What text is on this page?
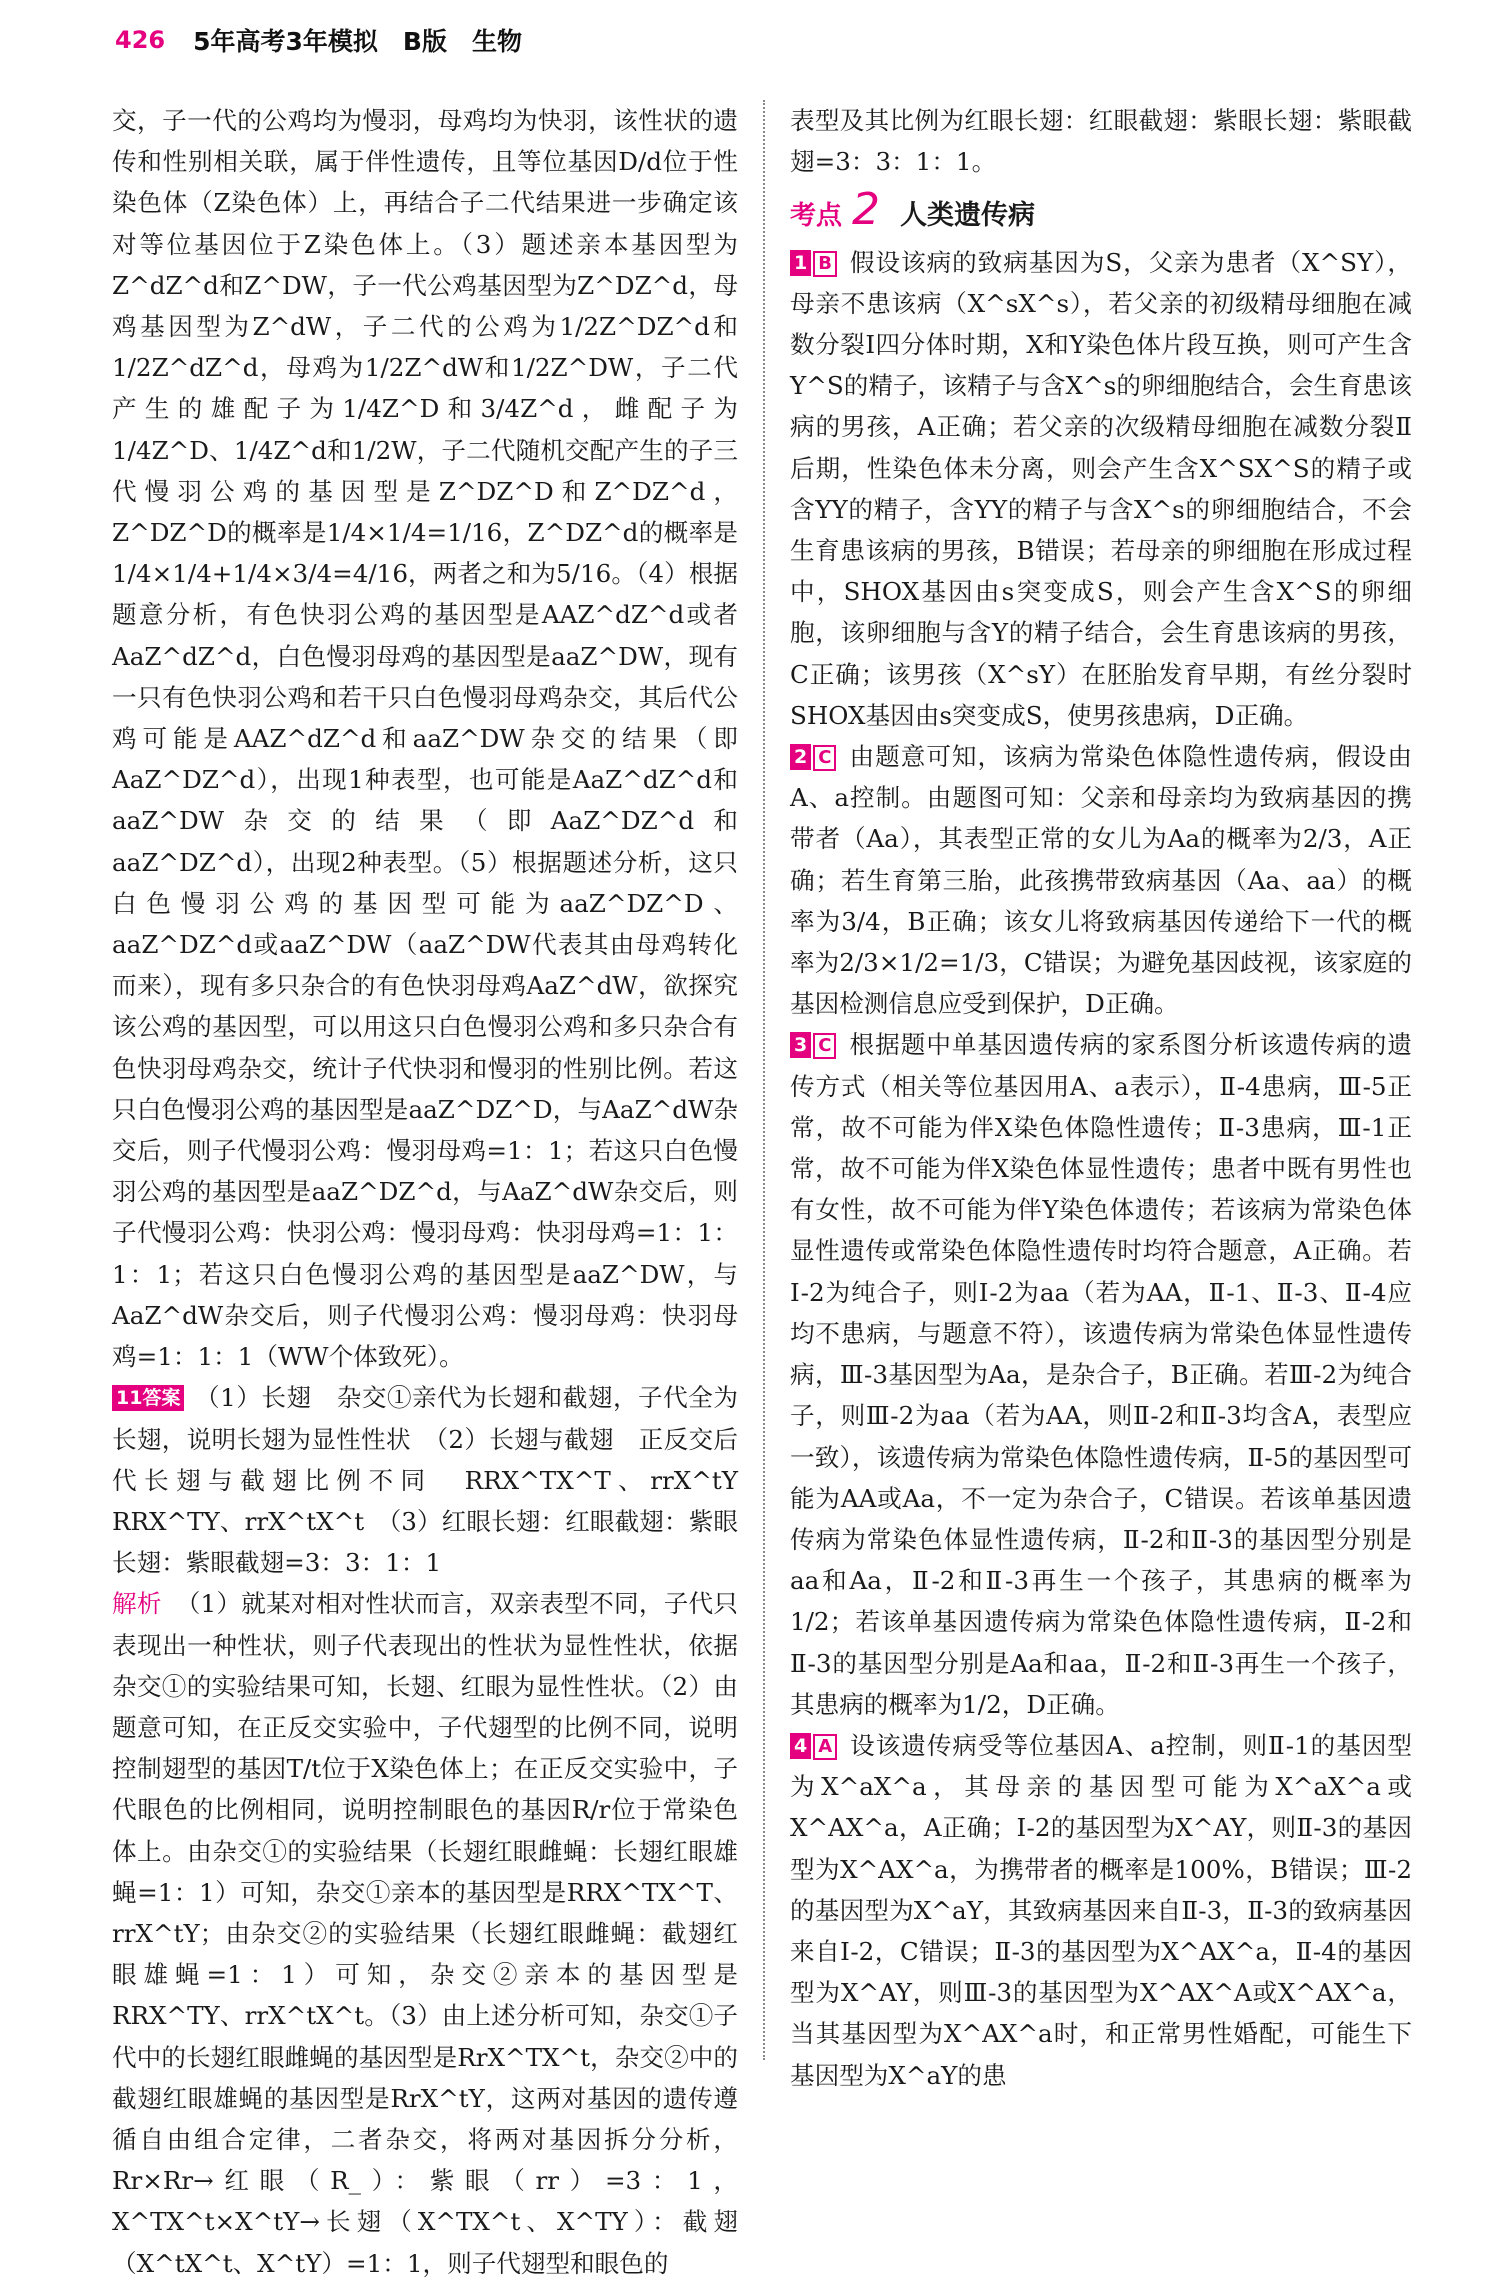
426 5年高考3年模拟　B版　生物

交，子一代的公鸡均为慢羽，母鸡均为快羽，该性状的遗传和性别相关联，属于伴性遗传，且等位基因D/d位于性染色体（Z染色体）上，再结合子二代结果进一步确定该对等位基因位于Z染色体上。（3）题述亲本基因型为Z^dZ^d和Z^DW，子一代公鸡基因型为Z^DZ^d，母鸡基因型为Z^dW，子二代的公鸡为1/2Z^DZ^d和1/2Z^dZ^d，母鸡为1/2Z^dW和1/2Z^DW，子二代产生的雄配子为1/4Z^D和3/4Z^d，雌配子为1/4Z^D、1/4Z^d和1/2W，子二代随机交配产生的子三代慢羽公鸡的基因型是Z^DZ^D和Z^DZ^d，Z^DZ^D的概率是1/4×1/4=1/16，Z^DZ^d的概率是1/4×1/4+1/4×3/4=4/16，两者之和为5/16。（4）根据题意分析，有色快羽公鸡的基因型是AAZ^dZ^d或者AaZ^dZ^d，白色慢羽母鸡的基因型是aaZ^DW，现有一只有色快羽公鸡和若干只白色慢羽母鸡杂交，其后代公鸡可能是AAZ^dZ^d和aaZ^DW杂交的结果（即AaZ^DZ^d），出现1种表型，也可能是AaZ^dZ^d和aaZ^DW杂交的结果（即AaZ^DZ^d和aaZ^DZ^d），出现2种表型。（5）根据题述分析，这只白色慢羽公鸡的基因型可能为aaZ^DZ^D、aaZ^DZ^d或aaZ^DW（aaZ^DW代表其由母鸡转化而来），现有多只杂合的有色快羽母鸡AaZ^dW，欲探究该公鸡的基因型，可以用这只白色慢羽公鸡和多只杂合有色快羽母鸡杂交，统计子代快羽和慢羽的性别比例。若这只白色慢羽公鸡的基因型是aaZ^DZ^D，与AaZ^dW杂交后，则子代慢羽公鸡：慢羽母鸡=1：1；若这只白色慢羽公鸡的基因型是aaZ^DZ^d，与AaZ^dW杂交后，则子代慢羽公鸡：快羽公鸡：慢羽母鸡：快羽母鸡=1：1：1：1；若这只白色慢羽公鸡的基因型是aaZ^DW，与AaZ^dW杂交后，则子代慢羽公鸡：慢羽母鸡：快羽母鸡=1：1：1（WW个体致死）。

11答案 （1）长翅　杂交①亲代为长翅和截翅，子代全为长翅，说明长翅为显性性状　（2）长翅与截翅　正反交后代长翅与截翅比例不同　RRX^TX^T、rrX^tY　RRX^TY、rrX^tX^t　（3）红眼长翅：红眼截翅：紫眼长翅：紫眼截翅=3：3：1：1

解析 （1）就某对相对性状而言，双亲表型不同，子代只表现出一种性状，则子代表现出的性状为显性性状，依据杂交①的实验结果可知，长翅、红眼为显性性状。（2）由题意可知，在正反交实验中，子代翅型的比例不同，说明控制翅型的基因T/t位于X染色体上；在正反交实验中，子代眼色的比例相同，说明控制眼色的基因R/r位于常染色体上。由杂交①的实验结果（长翅红眼雌蝇：长翅红眼雄蝇=1：1）可知，杂交①亲本的基因型是RRX^TX^T、rrX^tY；由杂交②的实验结果（长翅红眼雌蝇：截翅红眼雄蝇=1：1）可知，杂交②亲本的基因型是RRX^TY、rrX^tX^t。（3）由上述分析可知，杂交①子代中的长翅红眼雌蝇的基因型是RrX^TX^t，杂交②中的截翅红眼雄蝇的基因型是RrX^tY，这两对基因的遗传遵循自由组合定律，二者杂交，将两对基因拆分分析，Rr×Rr→红眼（R_）：紫眼（rr）=3：1，X^TX^t×X^tY→长翅（X^TX^t、X^TY）：截翅（X^tX^t、X^tY）=1：1，则子代翅型和眼色的

表型及其比例为红眼长翅：红眼截翅：紫眼长翅：紫眼截翅=3：3：1：1。

考点 2 人类遗传病

1 B 假设该病的致病基因为S，父亲为患者（X^SY），母亲不患该病（X^sX^s），若父亲的初级精母细胞在减数分裂Ⅰ四分体时期，X和Y染色体片段互换，则可产生含Y^S的精子，该精子与含X^s的卵细胞结合，会生育患该病的男孩，A正确；若父亲的次级精母细胞在减数分裂Ⅱ后期，性染色体未分离，则会产生含X^SX^S的精子或含YY的精子，含YY的精子与含X^s的卵细胞结合，不会生育患该病的男孩，B错误；若母亲的卵细胞在形成过程中，SHOX基因由s突变成S，则会产生含X^S的卵细胞，该卵细胞与含Y的精子结合，会生育患该病的男孩，C正确；该男孩（X^sY）在胚胎发育早期，有丝分裂时SHOX基因由s突变成S，使男孩患病，D正确。

2 C 由题意可知，该病为常染色体隐性遗传病，假设由A、a控制。由题图可知：父亲和母亲均为致病基因的携带者（Aa），其表型正常的女儿为Aa的概率为2/3，A正确；若生育第三胎，此孩携带致病基因（Aa、aa）的概率为3/4，B正确；该女儿将致病基因传递给下一代的概率为2/3×1/2=1/3，C错误；为避免基因歧视，该家庭的基因检测信息应受到保护，D正确。

3 C 根据题中单基因遗传病的家系图分析该遗传病的遗传方式（相关等位基因用A、a表示），Ⅱ-4患病，Ⅲ-5正常，故不可能为伴X染色体隐性遗传；Ⅱ-3患病，Ⅲ-1正常，故不可能为伴X染色体显性遗传；患者中既有男性也有女性，故不可能为伴Y染色体遗传；若该病为常染色体显性遗传或常染色体隐性遗传时均符合题意，A正确。若Ⅰ-2为纯合子，则Ⅰ-2为aa（若为AA，Ⅱ-1、Ⅱ-3、Ⅱ-4应均不患病，与题意不符），该遗传病为常染色体显性遗传病，Ⅲ-3基因型为Aa，是杂合子，B正确。若Ⅲ-2为纯合子，则Ⅲ-2为aa（若为AA，则Ⅱ-2和Ⅱ-3均含A，表型应一致），该遗传病为常染色体隐性遗传病，Ⅱ-5的基因型可能为AA或Aa，不一定为杂合子，C错误。若该单基因遗传病为常染色体显性遗传病，Ⅱ-2和Ⅱ-3的基因型分别是aa和Aa，Ⅱ-2和Ⅱ-3再生一个孩子，其患病的概率为1/2；若该单基因遗传病为常染色体隐性遗传病，Ⅱ-2和Ⅱ-3的基因型分别是Aa和aa，Ⅱ-2和Ⅱ-3再生一个孩子，其患病的概率为1/2，D正确。

4 A 设该遗传病受等位基因A、a控制，则Ⅱ-1的基因型为X^aX^a，其母亲的基因型可能为X^aX^a或X^AX^a，A正确；Ⅰ-2的基因型为X^AY，则Ⅱ-3的基因型为X^AX^a，为携带者的概率是100%，B错误；Ⅲ-2的基因型为X^aY，其致病基因来自Ⅱ-3，Ⅱ-3的致病基因来自Ⅰ-2，C错误；Ⅱ-3的基因型为X^AX^a，Ⅱ-4的基因型为X^AY，则Ⅲ-3的基因型为X^AX^A或X^AX^a，当其基因型为X^AX^a时，和正常男性婚配，可能生下基因型为X^aY的患
